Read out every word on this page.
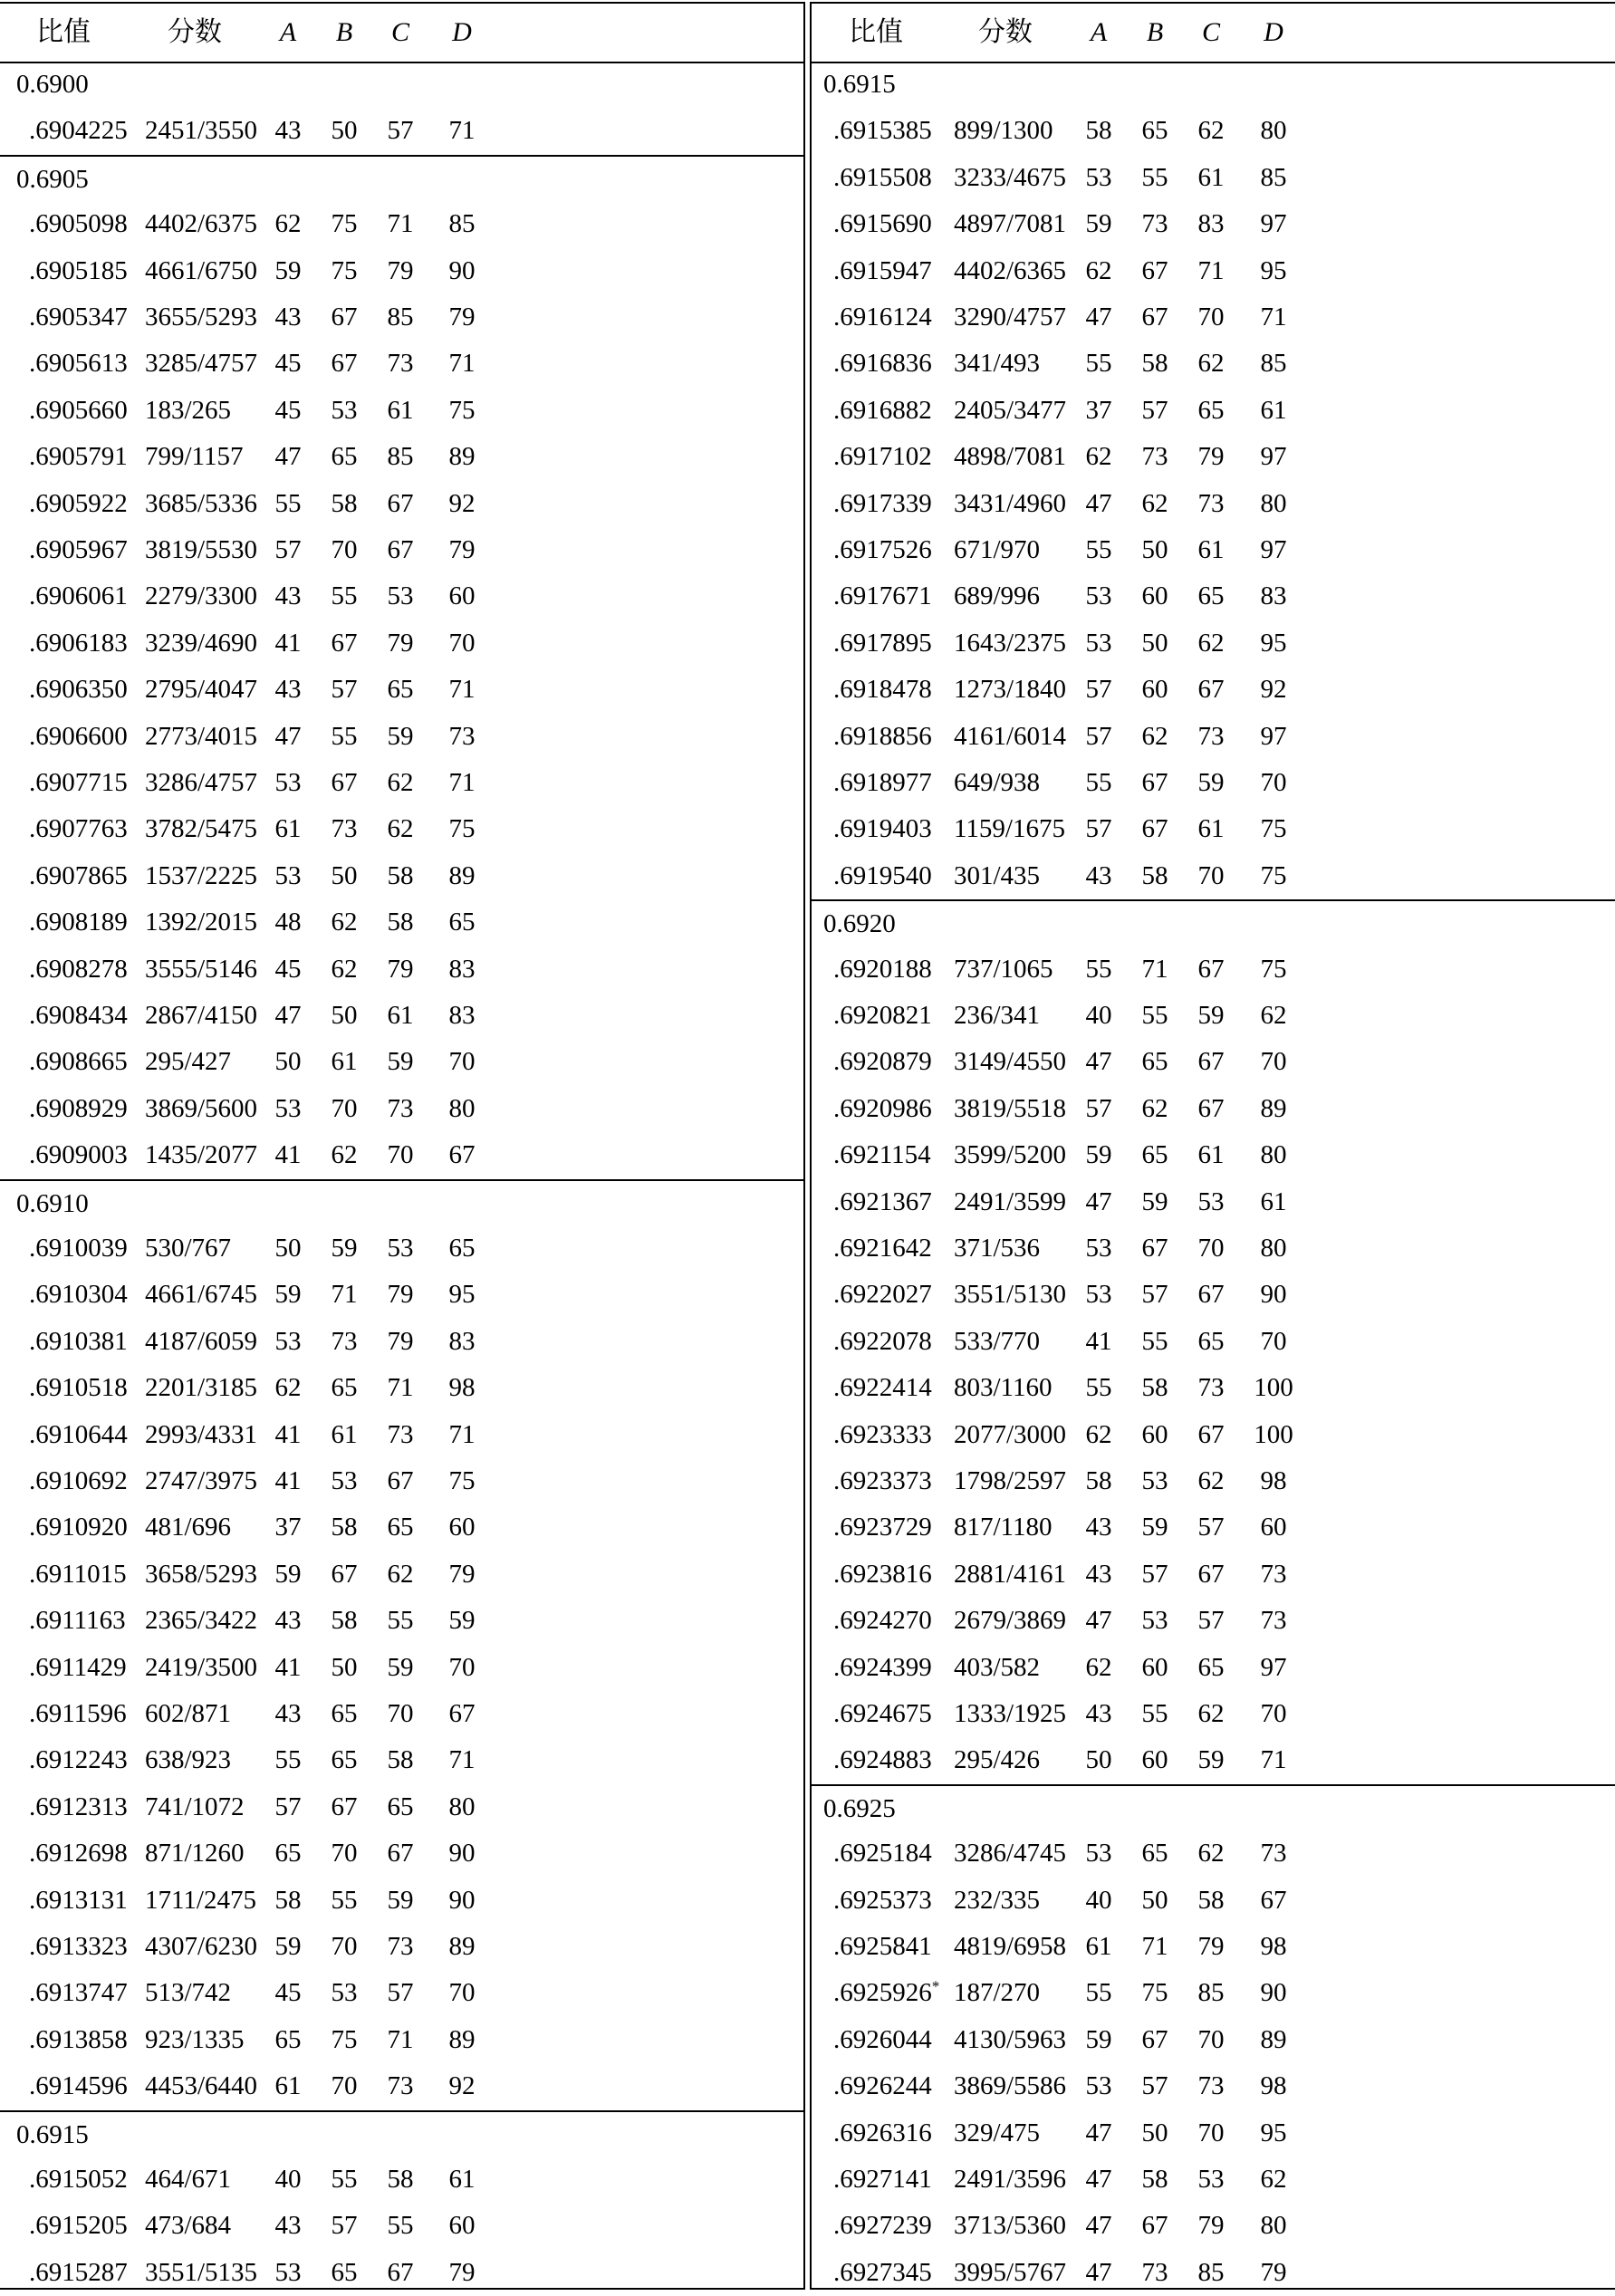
比值	分数 A B C D
0.6900
.6904225 2451/3550 43 50 57 71
0.6905
.6905098 4402/6375 62 75 71 85
.6905185 4661/6750 59 75 79 90
.6905347 3655/5293 43 67 85 79
.6905613 3285/4757 45 67 73 71
.6905660 183/265 45 53 61 75
.6905791 799/1157 47 65 85 89
.6905922 3685/5336 55 58 67 92
.6905967 3819/5530 57 70 67 79
.6906061 2279/3300 43 55 53 60
.6906183 3239/4690 41 67 79 70
.6906350 2795/4047 43 57 65 71
.6906600 2773/4015 47 55 59 73
.6907715 3286/4757 53 67 62 71
.6907763 3782/5475 61 73 62 75
.6907865 1537/2225 53 50 58 89
.6908189 1392/2015 48 62 58 65
.6908278 3555/5146 45 62 79 83
.6908434 2867/4150 47 50 61 83
.6908665 295/427 50 61 59 70
.6908929 3869/5600 53 70 73 80
.6909003 1435/2077 41 62 70 67
0.6910
.6910039 530/767 50 59 53 65
.6910304 4661/6745 59 71 79 95
.6910381 4187/6059 53 73 79 83
.6910518 2201/3185 62 65 71 98
.6910644 2993/4331 41 61 73 71
.6910692 2747/3975 41 53 67 75
.6910920 481/696 37 58 65 60
.6911015 3658/5293 59 67 62 79
.6911163 2365/3422 43 58 55 59
.6911429 2419/3500 41 50 59 70
.6911596 602/871 43 65 70 67
.6912243 638/923 55 65 58 71
.6912313 741/1072 57 67 65 80
.6912698 871/1260 65 70 67 90
.6913131 1711/2475 58 55 59 90
.6913323 4307/6230 59 70 73 89
.6913747 513/742 45 53 57 70
.6913858 923/1335 65 75 71 89
.6914596 4453/6440 61 70 73 92
0.6915
.6915052 464/671 40 55 58 61
.6915205 473/684 43 57 55 60
.6915287 3551/5135 53 65 67 79
比值	分数 A B C D
0.6915
.6915385 899/1300 58 65 62 80
.6915508 3233/4675 53 55 61 85
.6915690 4897/7081 59 73 83 97
.6915947 4402/6365 62 67 71 95
.6916124 3290/4757 47 67 70 71
.6916836 341/493 55 58 62 85
.6916882 2405/3477 37 57 65 61
.6917102 4898/7081 62 73 79 97
.6917339 3431/4960 47 62 73 80
.6917526 671/970 55 50 61 97
.6917671 689/996 53 60 65 83
.6917895 1643/2375 53 50 62 95
.6918478 1273/1840 57 60 67 92
.6918856 4161/6014 57 62 73 97
.6918977 649/938 55 67 59 70
.6919403 1159/1675 57 67 61 75
.6919540 301/435 43 58 70 75
0.6920
.6920188 737/1065 55 71 67 75
.6920821 236/341 40 55 59 62
.6920879 3149/4550 47 65 67 70
.6920986 3819/5518 57 62 67 89
.6921154 3599/5200 59 65 61 80
.6921367 2491/3599 47 59 53 61
.6921642 371/536 53 67 70 80
.6922027 3551/5130 53 57 67 90
.6922078 533/770 41 55 65 70
.6922414 803/1160 55 58 73 100
.6923333 2077/3000 62 60 67 100
.6923373 1798/2597 58 53 62 98
.6923729 817/1180 43 59 57 60
.6923816 2881/4161 43 57 67 73
.6924270 2679/3869 47 53 57 73
.6924399 403/582 62 60 65 97
.6924675 1333/1925 43 55 62 70
.6924883 295/426 50 60 59 71
0.6925
.6925184 3286/4745 53 65 62 73
.6925373 232/335 40 50 58 67
.6925841 4819/6958 61 71 79 98
.6925926* 187/270 55 75 85 90
.6926044 4130/5963 59 67 70 89
.6926244 3869/5586 53 57 73 98
.6926316 329/475 47 50 70 95
.6927141 2491/3596 47 58 53 62
.6927239 3713/5360 47 67 79 80
.6927345 3995/5767 47 73 85 79
